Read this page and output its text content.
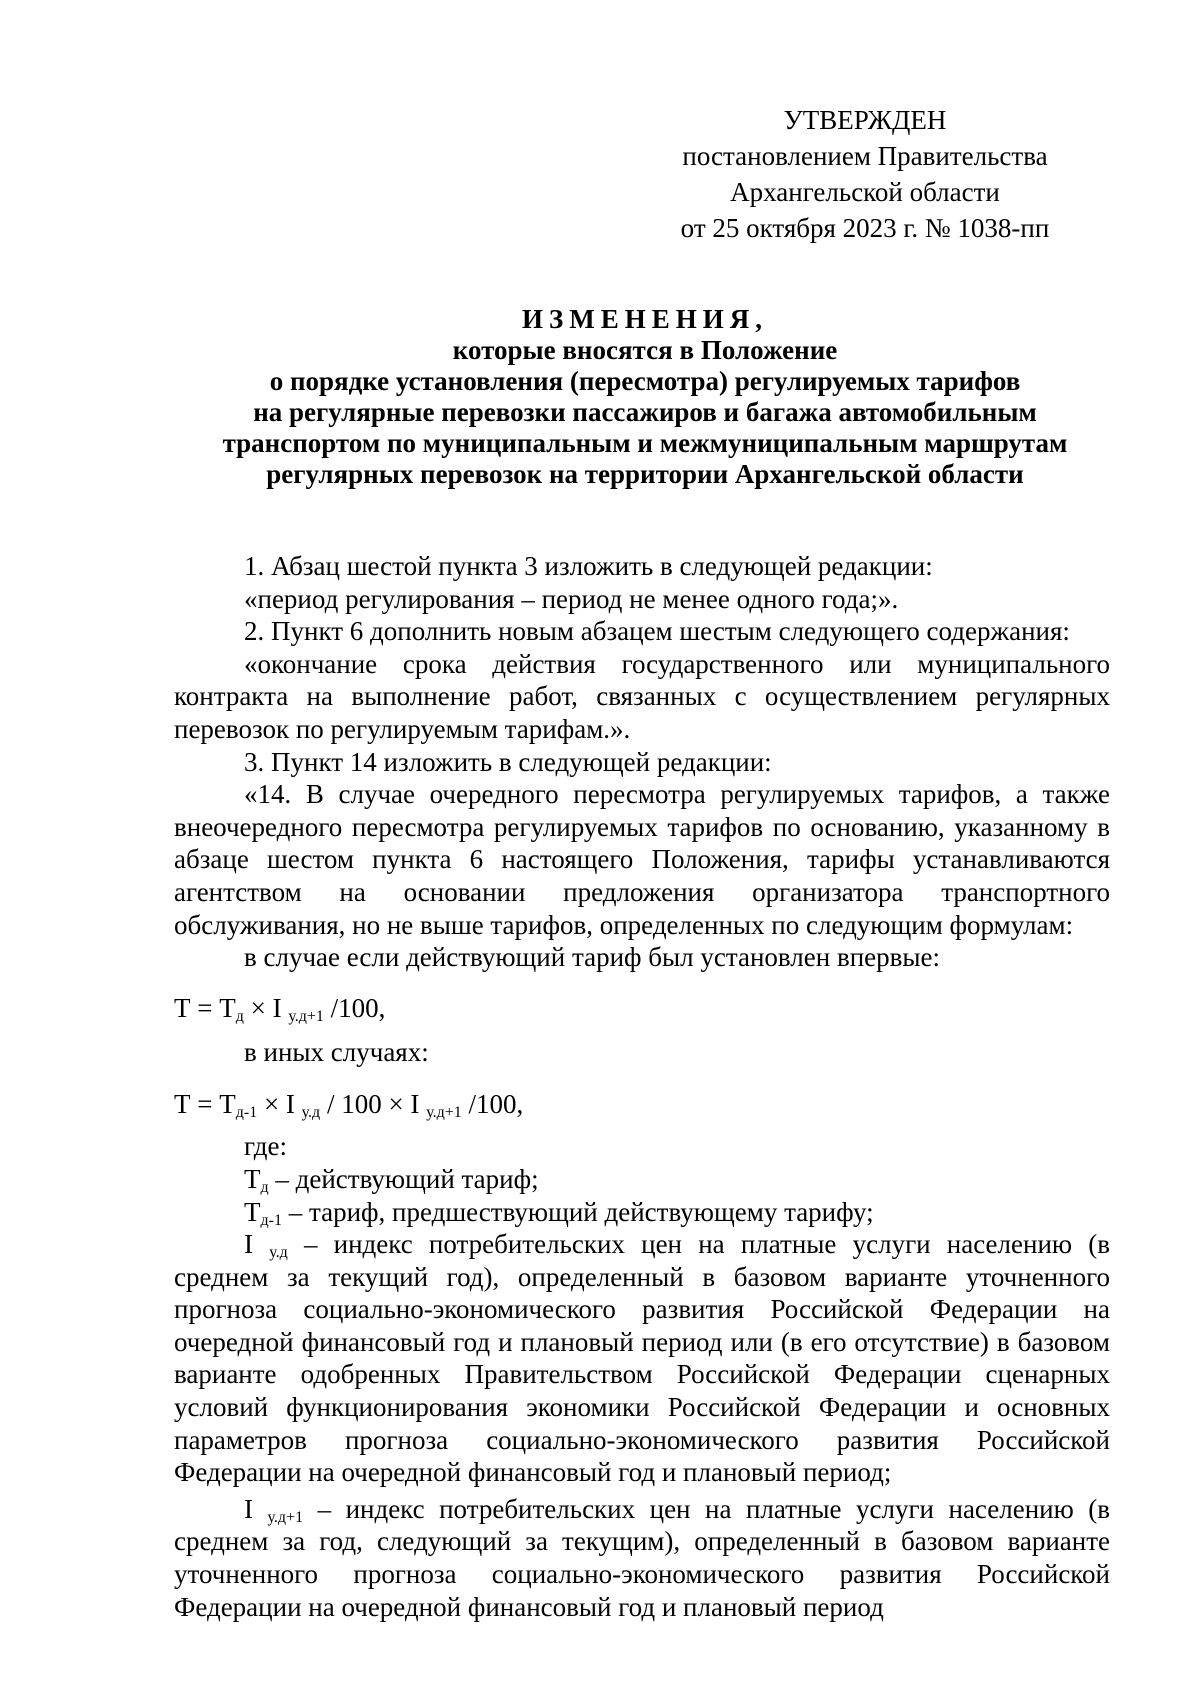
УТВЕРЖДЕН
постановлением Правительства
Архангельской области
от 25 октября 2023 г. № 1038-пп
ИЗМЕНЕНИЯ,
которые вносятся в Положение
о порядке установления (пересмотра) регулируемых тарифов
на регулярные перевозки пассажиров и багажа автомобильным
транспортом по муниципальным и межмуниципальным маршрутам
регулярных перевозок на территории Архангельской области

1. Абзац шестой пункта 3 изложить в следующей редакции:

«период регулирования – период не менее одного года;».

2. Пункт 6 дополнить новым абзацем шестым следующего содержания:

«окончание срока действия государственного или муниципального контракта на выполнение работ, связанных с осуществлением регулярных перевозок по регулируемым тарифам.».

3. Пункт 14 изложить в следующей редакции:

«14. В случае очередного пересмотра регулируемых тарифов, а также внеочередного пересмотра регулируемых тарифов по основанию, указанному в абзаце шестом пункта 6 настоящего Положения, тарифы устанавливаются агентством на основании предложения организатора транспортного обслуживания, но не выше тарифов, определенных по следующим формулам:

в случае если действующий тариф был установлен впервые:

$Т = Т_д \times I$ $_{у.д+1}$ /100,

в иных случаях:

$Т = Т_{д-1} \times I$ $_{у.д}$ / 100 × I $_{у.д+1}$ /100,

где:

$Т_д$ – действующий тариф;

$Т_{д-1}$ – тариф, предшествующий действующему тарифу;

I $_{у.д}$ – индекс потребительских цен на платные услуги населению (в среднем за текущий год), определенный в базовом варианте уточненного прогноза социально-экономического развития Российской Федерации на очередной финансовый год и плановый период или (в его отсутствие) в базовом варианте одобренных Правительством Российской Федерации сценарных условий функционирования экономики Российской Федерации и основных параметров прогноза социально-экономического развития Российской Федерации на очередной финансовый год и плановый период;

I $_{у.д+1}$ – индекс потребительских цен на платные услуги населению (в среднем за год, следующий за текущим), определенный в базовом варианте уточненного прогноза социально-экономического развития Российской Федерации на очередной финансовый год и плановый период
